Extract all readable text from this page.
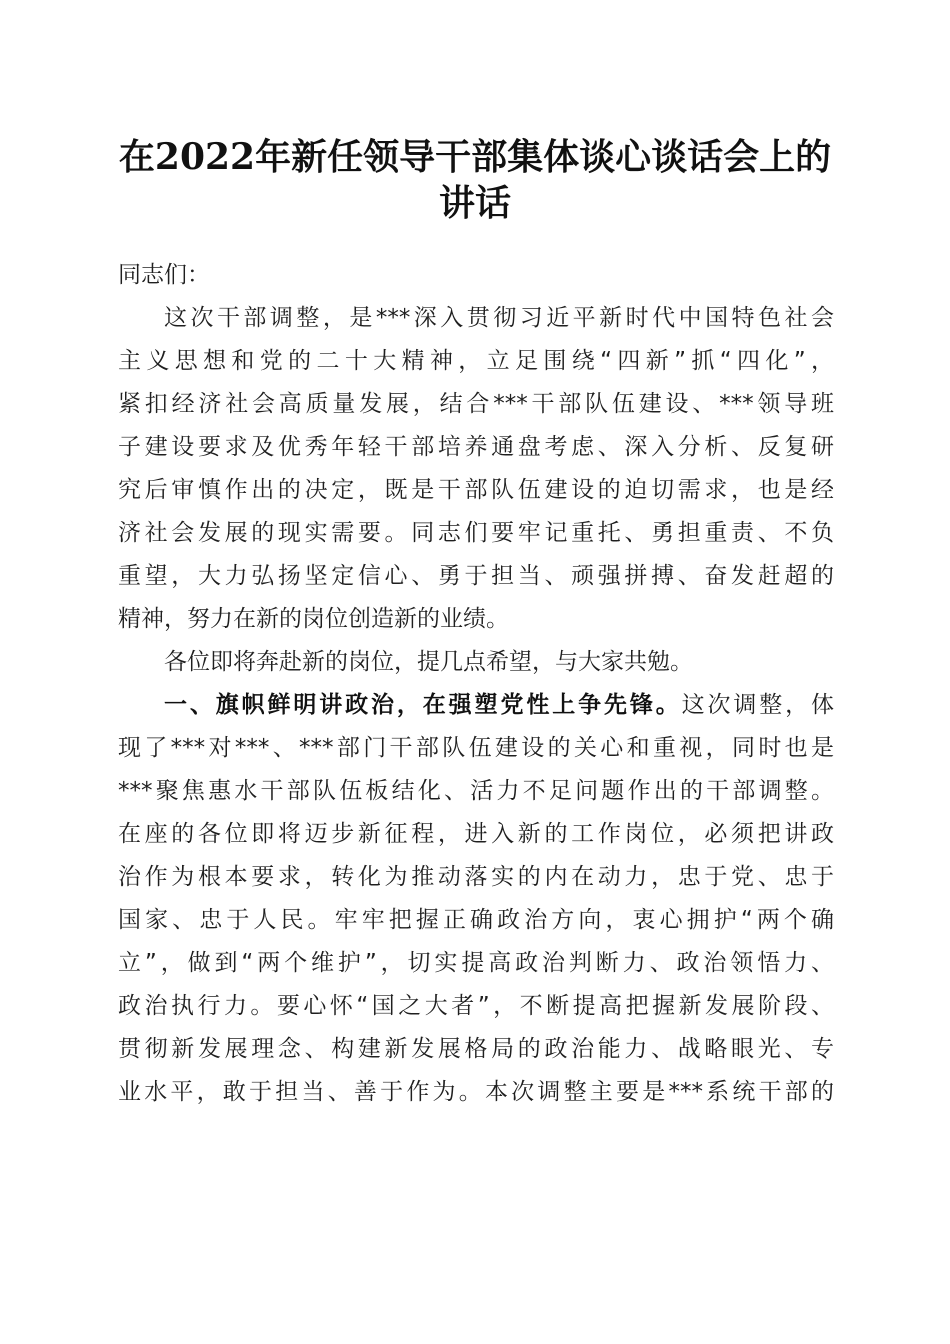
在2022年新任领导干部集体谈心谈话会上的
讲话
同志们：
这次干部调整，是***深入贯彻习近平新时代中国特色社会
主义思想和党的二十大精神，立足围绕“四新”抓“四化”，
紧扣经济社会高质量发展，结合***干部队伍建设、***领导班
子建设要求及优秀年轻干部培养通盘考虑、深入分析、反复研
究后审慎作出的决定，既是干部队伍建设的迫切需求，也是经
济社会发展的现实需要。同志们要牢记重托、勇担重责、不负
重望，大力弘扬坚定信心、勇于担当、顽强拼搏、奋发赶超的
精神，努力在新的岗位创造新的业绩。
各位即将奔赴新的岗位，提几点希望，与大家共勉。
一、旗帜鲜明讲政治，在强塑党性上争先锋。这次调整，体
现了***对***、***部门干部队伍建设的关心和重视，同时也是
***聚焦惠水干部队伍板结化、活力不足问题作出的干部调整。
在座的各位即将迈步新征程，进入新的工作岗位，必须把讲政
治作为根本要求，转化为推动落实的内在动力，忠于党、忠于
国家、忠于人民。牢牢把握正确政治方向，衷心拥护“两个确
立”，做到“两个维护”，切实提高政治判断力、政治领悟力、
政治执行力。要心怀“国之大者”，不断提高把握新发展阶段、
贯彻新发展理念、构建新发展格局的政治能力、战略眼光、专
业水平，敢于担当、善于作为。本次调整主要是***系统干部的
